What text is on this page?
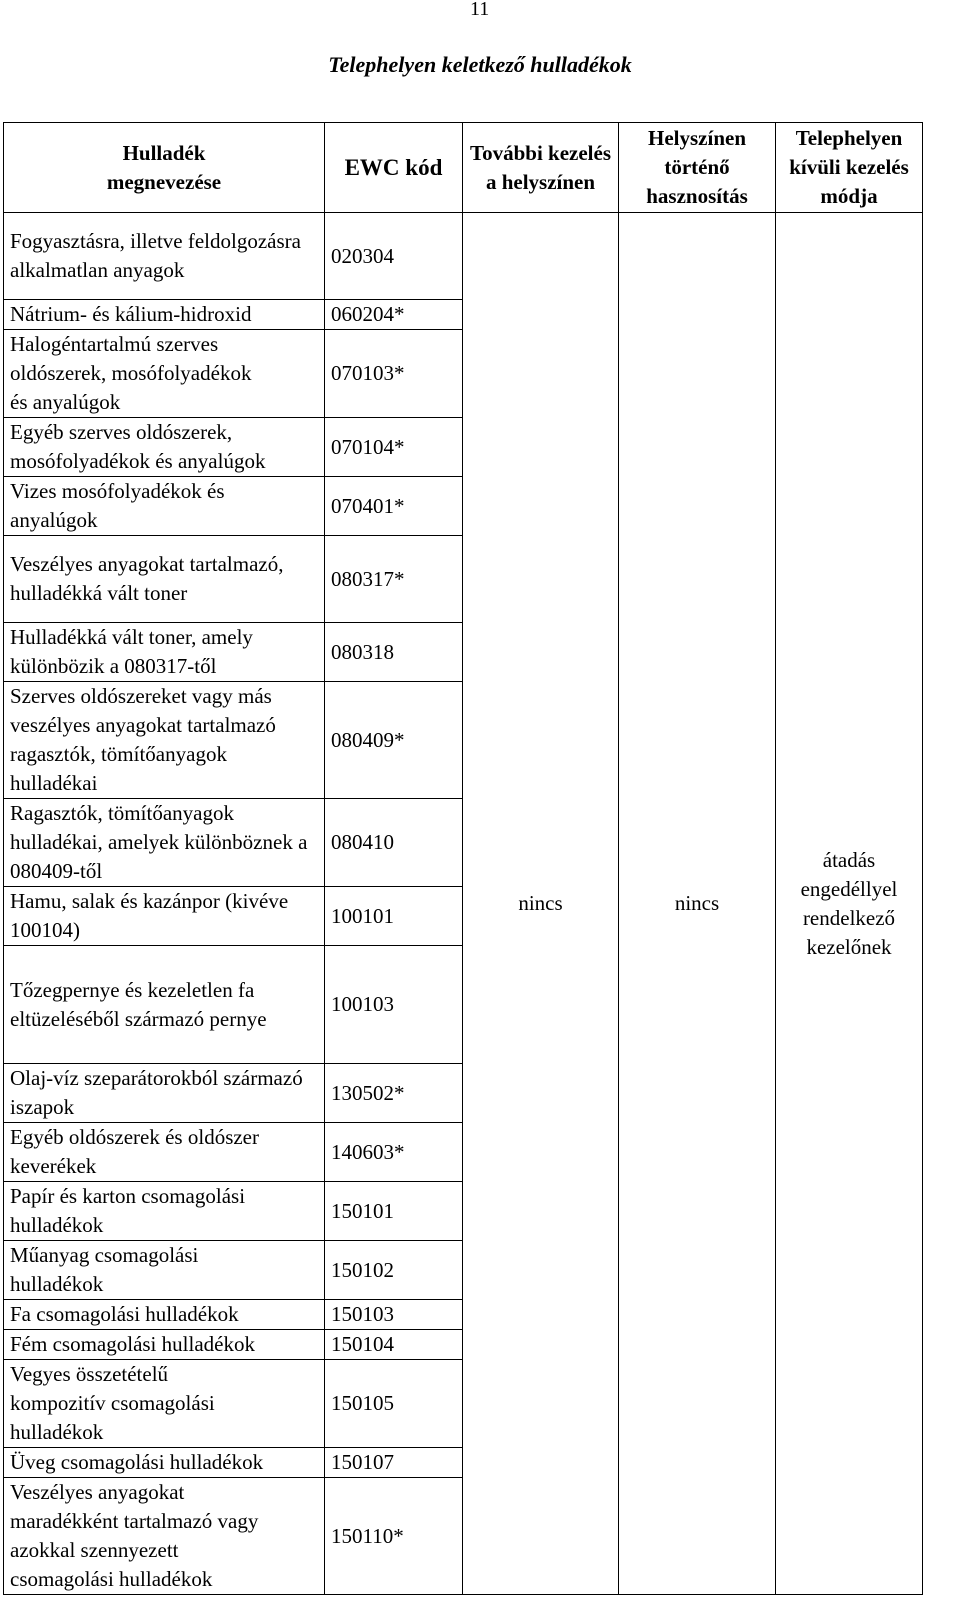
11
Telephelyen keletkező hulladékok
Hulladék megnevezése	EWC kód	További kezelés a helyszínen	Helyszínen történő hasznosítás	Telephelyen kívüli kezelés módja
Fogyasztásra, illetve feldolgozásra alkalmatlan anyagok	020304	nincs	nincs	átadás engedéllyel rendelkező kezelőnek
Nátrium- és kálium-hidroxid	060204*			
Halogéntartalmú szerves oldószerek, mosófolyadékok és anyalúgok	070103*			
Egyéb szerves oldószerek, mosófolyadékok és anyalúgok	070104*			
Vizes mosófolyadékok és anyalúgok	070401*			
Veszélyes anyagokat tartalmazó, hulladékká vált toner	080317*			
Hulladékká vált toner, amely különbözik a 080317-től	080318			
Szerves oldószereket vagy más veszélyes anyagokat tartalmazó ragasztók, tömítőanyagok hulladékai	080409*			
Ragasztók, tömítőanyagok hulladékai, amelyek különböznek a 080409-től	080410			
Hamu, salak és kazánpor (kivéve 100104)	100101			
Tőzegpernye és kezeletlen fa eltüzeléséből származó pernye	100103			
Olaj-víz szeparátorokból származó iszapok	130502*			
Egyéb oldószerek és oldószer keverékek	140603*			
Papír és karton csomagolási hulladékok	150101			
Műanyag csomagolási hulladékok	150102			
Fa csomagolási hulladékok	150103			
Fém csomagolási hulladékok	150104			
Vegyes összetételű kompozitív csomagolási hulladékok	150105			
Üveg csomagolási hulladékok	150107			
Veszélyes anyagokat maradékként tartalmazó vagy azokkal szennyezett csomagolási hulladékok	150110*			
